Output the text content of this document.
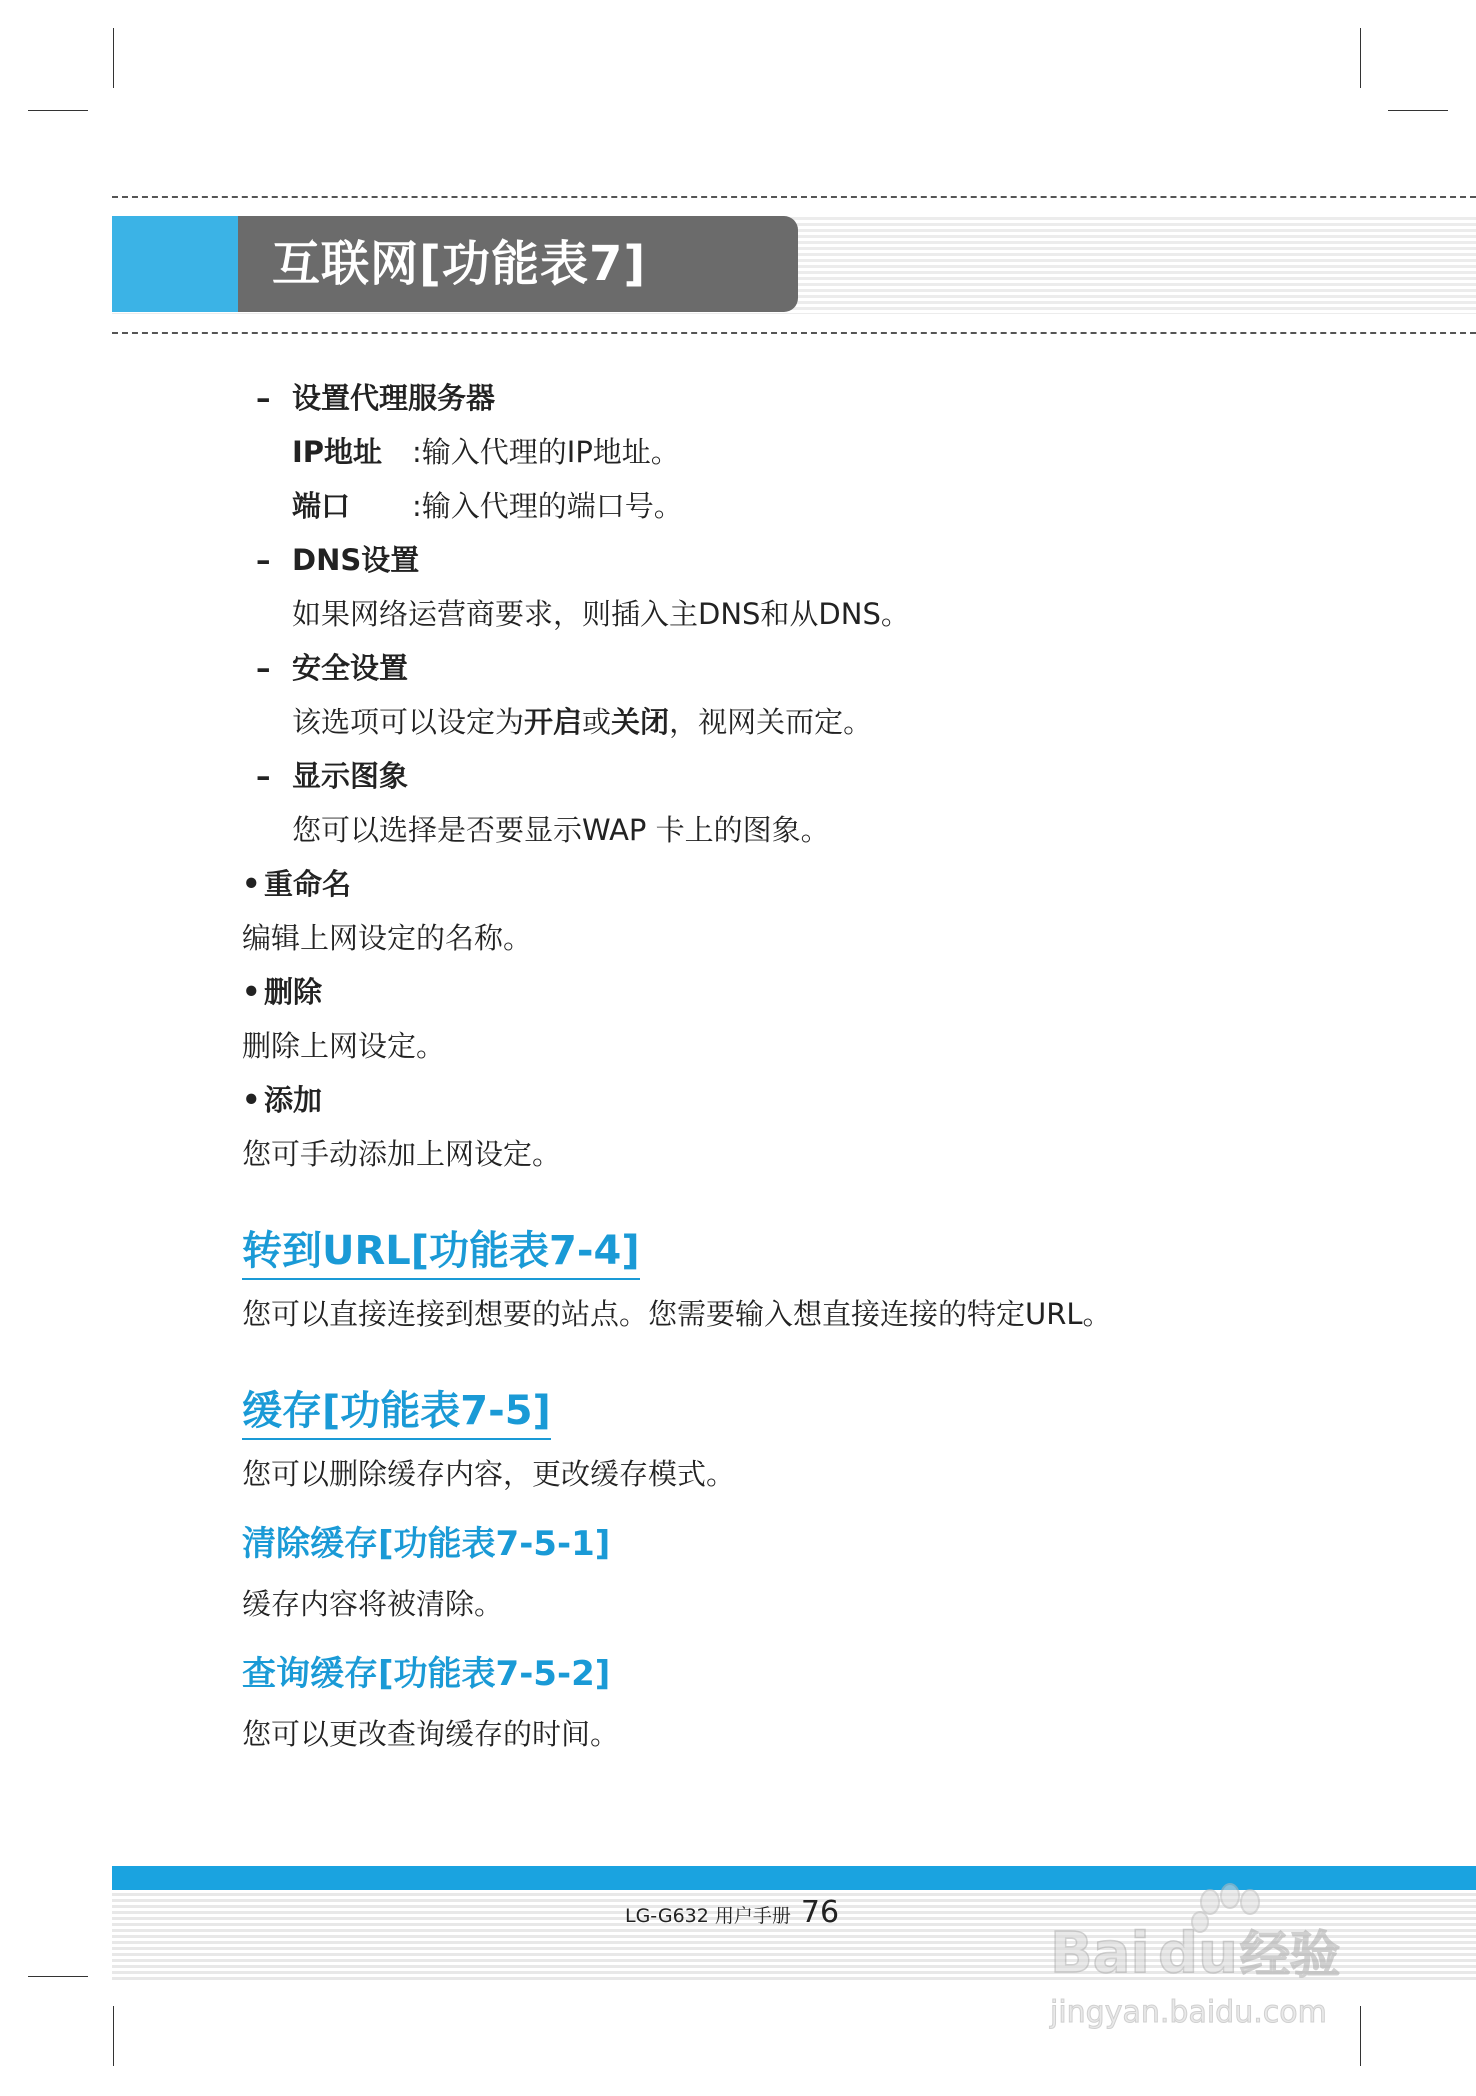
互联网[功能表7]

– 设置代理服务器

IP地址 :输入代理的IP地址。

端口 :输入代理的端口号。

– DNS设置

如果网络运营商要求，则插入主DNS和从DNS。

– 安全设置

该选项可以设定为开启或关闭，视网关而定。

– 显示图象

您可以选择是否要显示WAP 卡上的图象。

• 重命名

编辑上网设定的名称。

• 删除

删除上网设定。

• 添加

您可手动添加上网设定。

转到URL[功能表7-4]

您可以直接连接到想要的站点。您需要输入想直接连接的特定URL。

缓存[功能表7-5]

您可以删除缓存内容，更改缓存模式。

清除缓存[功能表7-5-1]

缓存内容将被清除。

查询缓存[功能表7-5-2]

您可以更改查询缓存的时间。

LG-G632 用户手册 76
Bai du 经验
jingyan.baidu.com
